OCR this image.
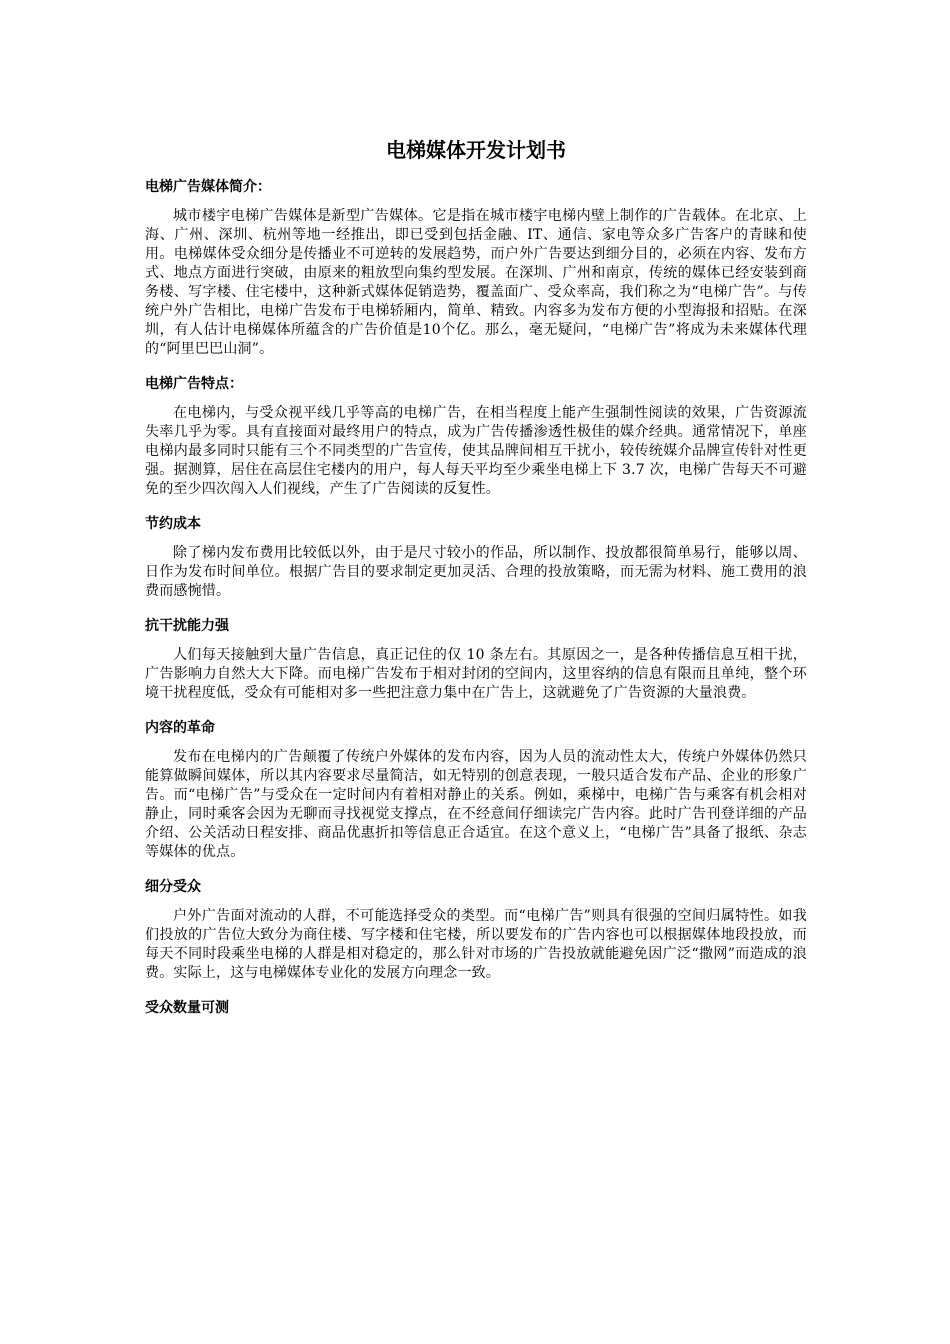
电梯媒体开发计划书
电梯广告媒体简介：

城市楼宇电梯广告媒体是新型广告媒体。它是指在城市楼宇电梯内壁上制作的广告载体。在北京、上海、广州、深圳、杭州等地一经推出，即已受到包括金融、IT、通信、家电等众多广告客户的青睐和使用。电梯媒体受众细分是传播业不可逆转的发展趋势，而户外广告要达到细分目的，必须在内容、发布方式、地点方面进行突破，由原来的粗放型向集约型发展。在深圳、广州和南京，传统的媒体已经安装到商务楼、写字楼、住宅楼中，这种新式媒体促销造势，覆盖面广、受众率高，我们称之为“电梯广告”。与传统户外广告相比，电梯广告发布于电梯轿厢内，简单、精致。内容多为发布方便的小型海报和招贴。在深圳，有人估计电梯媒体所蕴含的广告价值是10个亿。那么，毫无疑问，“电梯广告”将成为未来媒体代理的“阿里巴巴山洞”。

电梯广告特点：

在电梯内，与受众视平线几乎等高的电梯广告，在相当程度上能产生强制性阅读的效果，广告资源流失率几乎为零。具有直接面对最终用户的特点，成为广告传播渗透性极佳的媒介经典。通常情况下，单座电梯内最多同时只能有三个不同类型的广告宣传，使其品牌间相互干扰小，较传统媒介品牌宣传针对性更强。据测算，居住在高层住宅楼内的用户，每人每天平均至少乘坐电梯上下 3.7 次，电梯广告每天不可避免的至少四次闯入人们视线，产生了广告阅读的反复性。

节约成本

除了梯内发布费用比较低以外，由于是尺寸较小的作品，所以制作、投放都很简单易行，能够以周、日作为发布时间单位。根据广告目的要求制定更加灵活、合理的投放策略，而无需为材料、施工费用的浪费而感惋惜。

抗干扰能力强

人们每天接触到大量广告信息，真正记住的仅 10 条左右。其原因之一，是各种传播信息互相干扰，广告影响力自然大大下降。而电梯广告发布于相对封闭的空间内，这里容纳的信息有限而且单纯，整个环境干扰程度低，受众有可能相对多一些把注意力集中在广告上，这就避免了广告资源的大量浪费。

内容的革命

发布在电梯内的广告颠覆了传统户外媒体的发布内容，因为人员的流动性太大，传统户外媒体仍然只能算做瞬间媒体，所以其内容要求尽量简洁，如无特别的创意表现，一般只适合发布产品、企业的形象广告。而“电梯广告”与受众在一定时间内有着相对静止的关系。例如，乘梯中，电梯广告与乘客有机会相对静止，同时乘客会因为无聊而寻找视觉支撑点，在不经意间仔细读完广告内容。此时广告刊登详细的产品介绍、公关活动日程安排、商品优惠折扣等信息正合适宜。在这个意义上，“电梯广告”具备了报纸、杂志等媒体的优点。

细分受众

户外广告面对流动的人群，不可能选择受众的类型。而“电梯广告”则具有很强的空间归属特性。如我们投放的广告位大致分为商住楼、写字楼和住宅楼，所以要发布的广告内容也可以根据媒体地段投放，而每天不同时段乘坐电梯的人群是相对稳定的，那么针对市场的广告投放就能避免因广泛“撒网”而造成的浪费。实际上，这与电梯媒体专业化的发展方向理念一致。

受众数量可测
